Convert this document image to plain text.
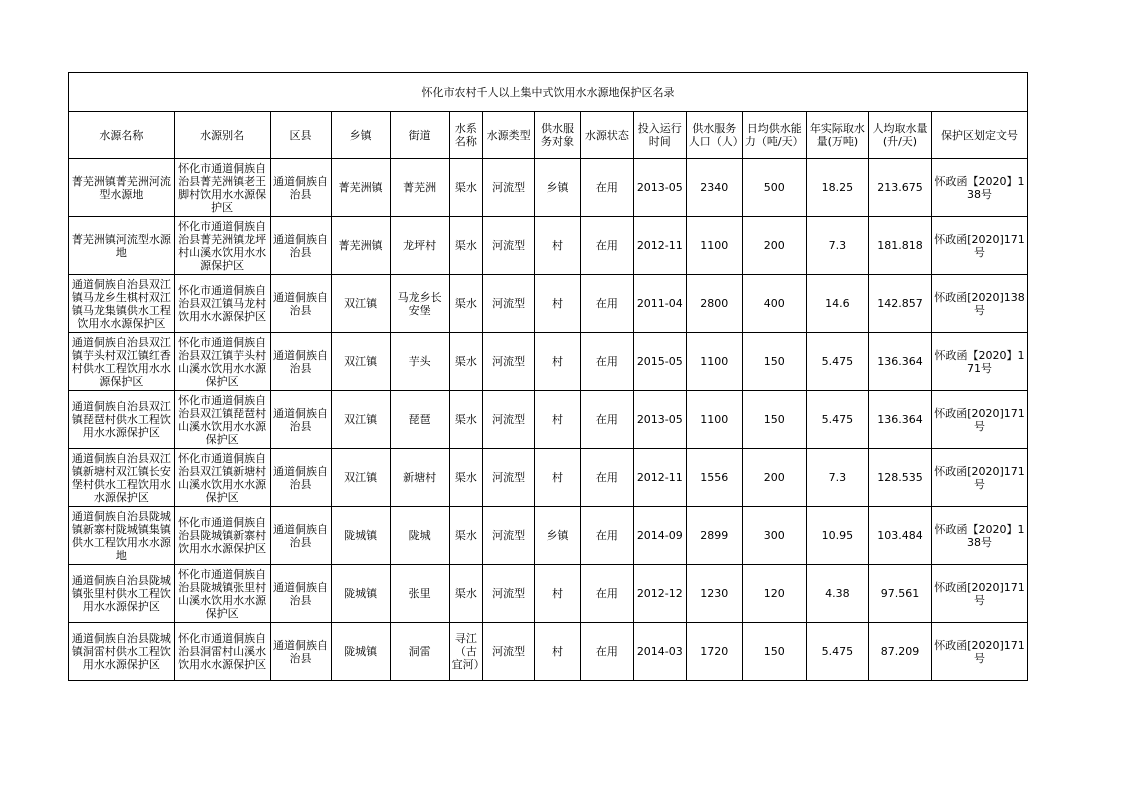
怀化市农村千人以上集中式饮用水水源地保护区名录														
水源名称	水源别名	区县	乡镇	街道	水系名称	水源类型	供水服务对象	水源状态	投入运行时间	供水服务人口（人）	日均供水能力（吨/天）	年实际取水量(万吨)	人均取水量(升/天)	保护区划定文号

菁芜洲镇菁芜洲河流型水源地	怀化市通道侗族自治县菁芜洲镇老王脚村饮用水水源保护区	通道侗族自治县	菁芜洲镇	菁芜洲	渠水	河流型	乡镇	在用	2013-05	2340	500	18.25	213.675	怀政函【2020】138号

菁芜洲镇河流型水源地	怀化市通道侗族自治县菁芜洲镇龙坪村山溪水饮用水水源保护区	通道侗族自治县	菁芜洲镇	龙坪村	渠水	河流型	村	在用	2012-11	1100	200	7.3	181.818	怀政函[2020]171号

通道侗族自治县双江镇马龙乡生棋村双江镇马龙集镇供水工程饮用水水源保护区	怀化市通道侗族自治县双江镇马龙村饮用水水源保护区	通道侗族自治县	双江镇	马龙乡长安堡	渠水	河流型	村	在用	2011-04	2800	400	14.6	142.857	怀政函[2020]138号

通道侗族自治县双江镇芋头村双江镇红香村供水工程饮用水水源保护区	怀化市通道侗族自治县双江镇芋头村山溪水饮用水水源保护区	通道侗族自治县	双江镇	芋头	渠水	河流型	村	在用	2015-05	1100	150	5.475	136.364	怀政函【2020】171号

通道侗族自治县双江镇琵琶村供水工程饮用水水源保护区	怀化市通道侗族自治县双江镇琵琶村山溪水饮用水水源保护区	通道侗族自治县	双江镇	琵琶	渠水	河流型	村	在用	2013-05	1100	150	5.475	136.364	怀政函[2020]171号

通道侗族自治县双江镇新塘村双江镇长安堡村供水工程饮用水水源保护区	怀化市通道侗族自治县双江镇新塘村山溪水饮用水水源保护区	通道侗族自治县	双江镇	新塘村	渠水	河流型	村	在用	2012-11	1556	200	7.3	128.535	怀政函[2020]171号

通道侗族自治县陇城镇新寨村陇城镇集镇供水工程饮用水水源地	怀化市通道侗族自治县陇城镇新寨村饮用水水源保护区	通道侗族自治县	陇城镇	陇城	渠水	河流型	乡镇	在用	2014-09	2899	300	10.95	103.484	怀政函【2020】138号

通道侗族自治县陇城镇张里村供水工程饮用水水源保护区	怀化市通道侗族自治县陇城镇张里村山溪水饮用水水源保护区	通道侗族自治县	陇城镇	张里	渠水	河流型	村	在用	2012-12	1230	120	4.38	97.561	怀政函[2020]171号

通道侗族自治县陇城镇洞雷村供水工程饮用水水源保护区	怀化市通道侗族自治县洞雷村山溪水饮用水水源保护区	通道侗族自治县	陇城镇	洞雷	寻江（古宜河）	河流型	村	在用	2014-03	1720	150	5.475	87.209	怀政函[2020]171号
